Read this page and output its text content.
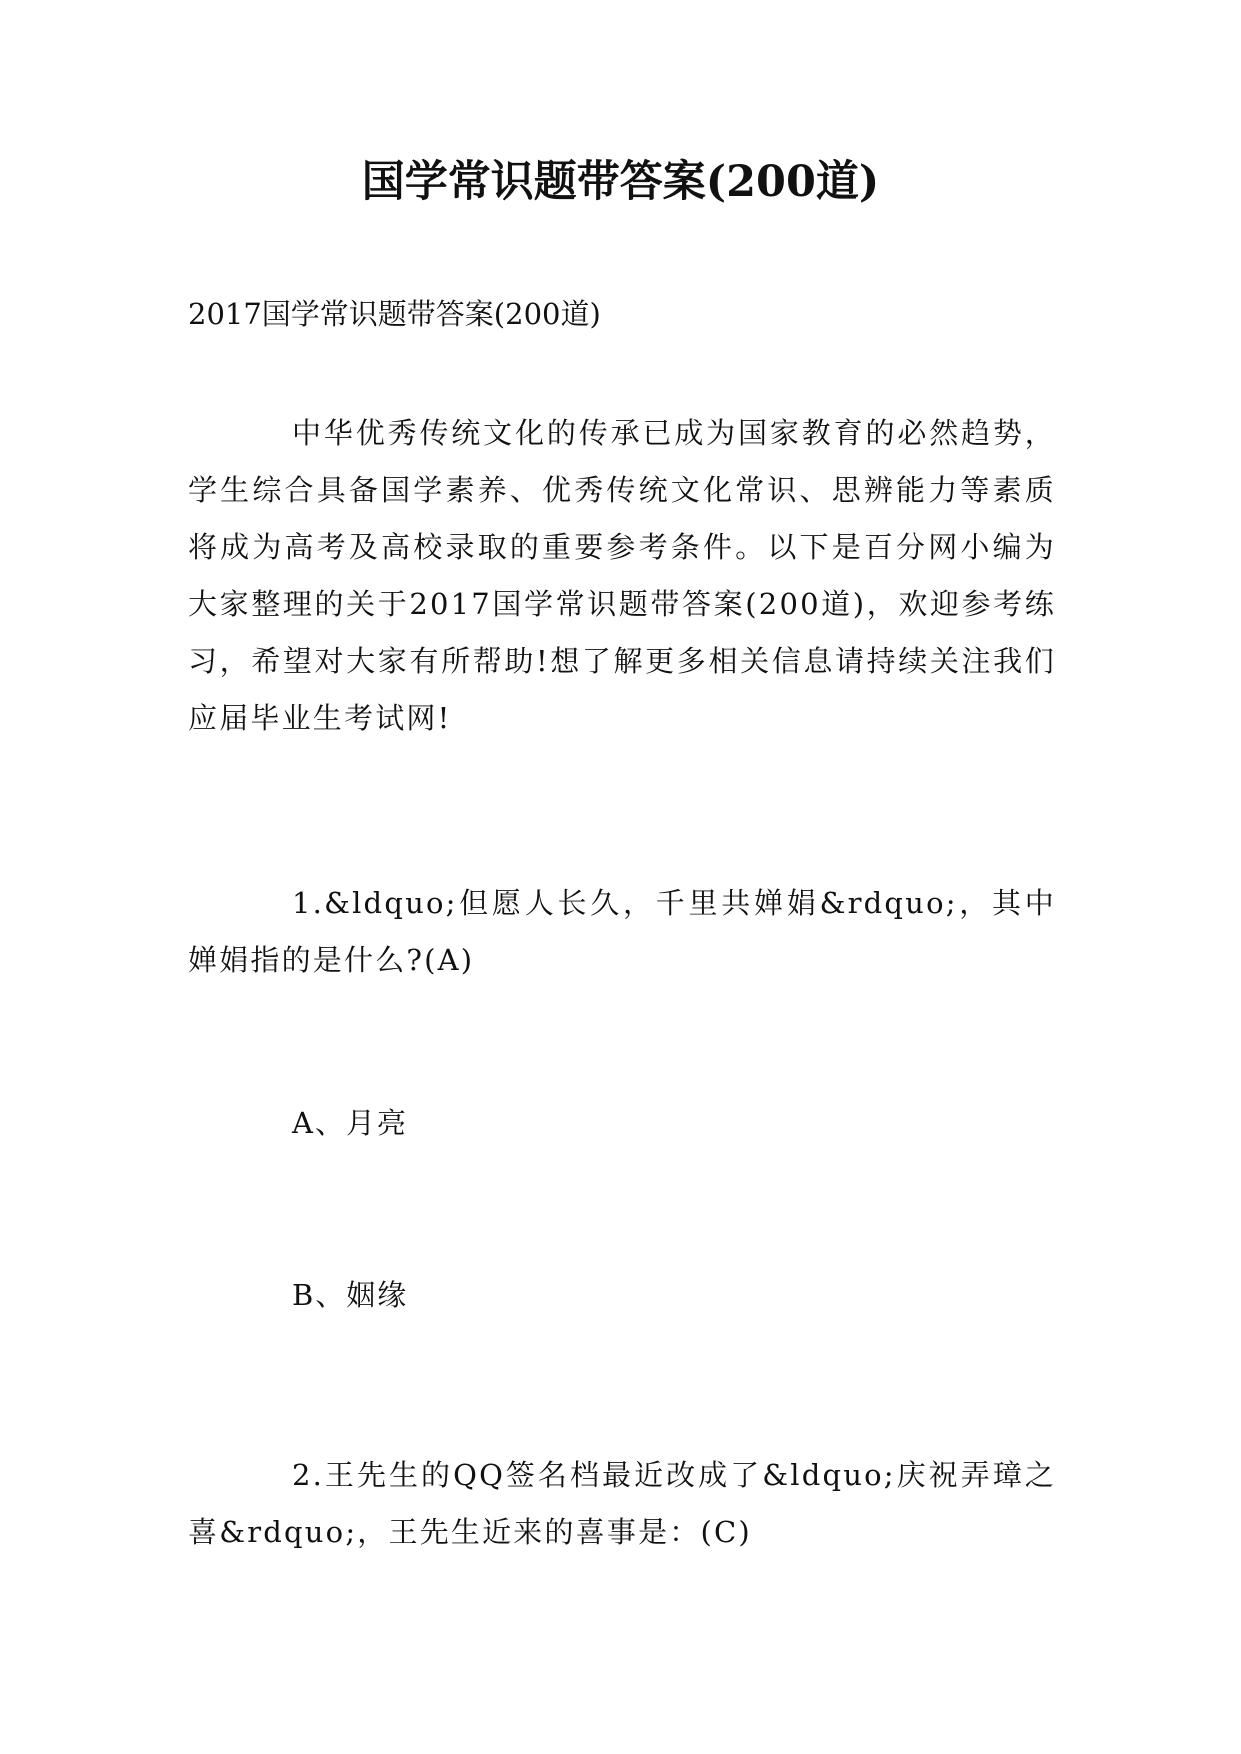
国学常识题带答案(200道)
2017国学常识题带答案(200道)
中华优秀传统文化的传承已成为国家教育的必然趋势，学生综合具备国学素养、优秀传统文化常识、思辨能力等素质将成为高考及高校录取的重要参考条件。以下是百分网小编为大家整理的关于2017国学常识题带答案(200道)，欢迎参考练习，希望对大家有所帮助!想了解更多相关信息请持续关注我们应届毕业生考试网!
1.&ldquo;但愿人长久，千里共婵娟&rdquo;，其中婵娟指的是什么?(A)
A、月亮
B、姻缘
2.王先生的QQ签名档最近改成了&ldquo;庆祝弄璋之喜&rdquo;，王先生近来的喜事是：(C)
